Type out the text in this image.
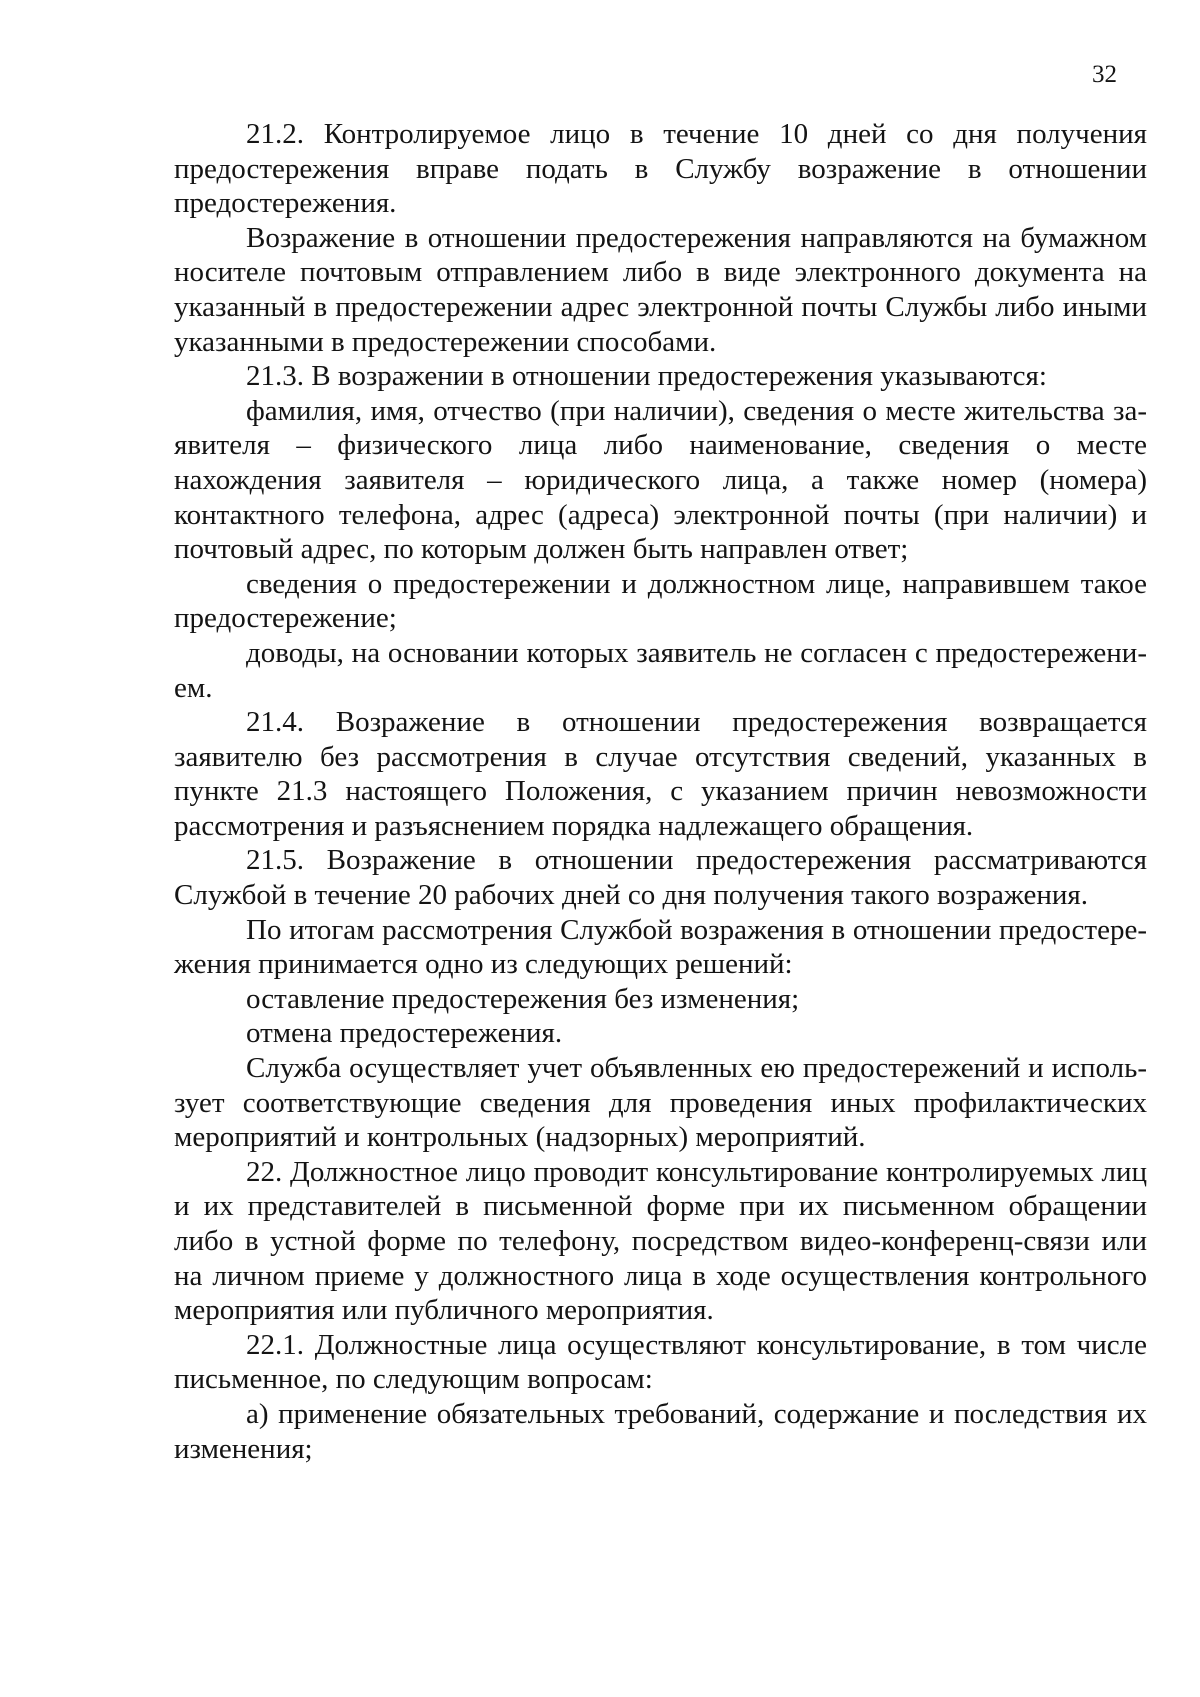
32

21.2. Контролируемое лицо в течение 10 дней со дня получения предостережения вправе подать в Службу возражение в отношении предостережения.

Возражение в отношении предостережения направляются на бумажном носителе почтовым отправлением либо в виде электронного документа на указанный в предостережении адрес электронной почты Службы либо иными указанными в предостережении способами.

21.3. В возражении в отношении предостережения указываются:

фамилия, имя, отчество (при наличии), сведения о месте жительства заявителя – физического лица либо наименование, сведения о месте нахождения заявителя – юридического лица, а также номер (номера) контактного телефона, адрес (адреса) электронной почты (при наличии) и почтовый адрес, по которым должен быть направлен ответ;

сведения о предостережении и должностном лице, направившем такое предостережение;

доводы, на основании которых заявитель не согласен с предостережением.

21.4. Возражение в отношении предостережения возвращается заявителю без рассмотрения в случае отсутствия сведений, указанных в пункте 21.3 настоящего Положения, с указанием причин невозможности рассмотрения и разъяснением порядка надлежащего обращения.

21.5. Возражение в отношении предостережения рассматриваются Службой в течение 20 рабочих дней со дня получения такого возражения.

По итогам рассмотрения Службой возражения в отношении предостережения принимается одно из следующих решений:

оставление предостережения без изменения;

отмена предостережения.

Служба осуществляет учет объявленных ею предостережений и использует соответствующие сведения для проведения иных профилактических мероприятий и контрольных (надзорных) мероприятий.

22. Должностное лицо проводит консультирование контролируемых лиц и их представителей в письменной форме при их письменном обращении либо в устной форме по телефону, посредством видео-конференц-связи или на личном приеме у должностного лица в ходе осуществления контрольного мероприятия или публичного мероприятия.

22.1. Должностные лица осуществляют консультирование, в том числе письменное, по следующим вопросам:

а) применение обязательных требований, содержание и последствия их изменения;
